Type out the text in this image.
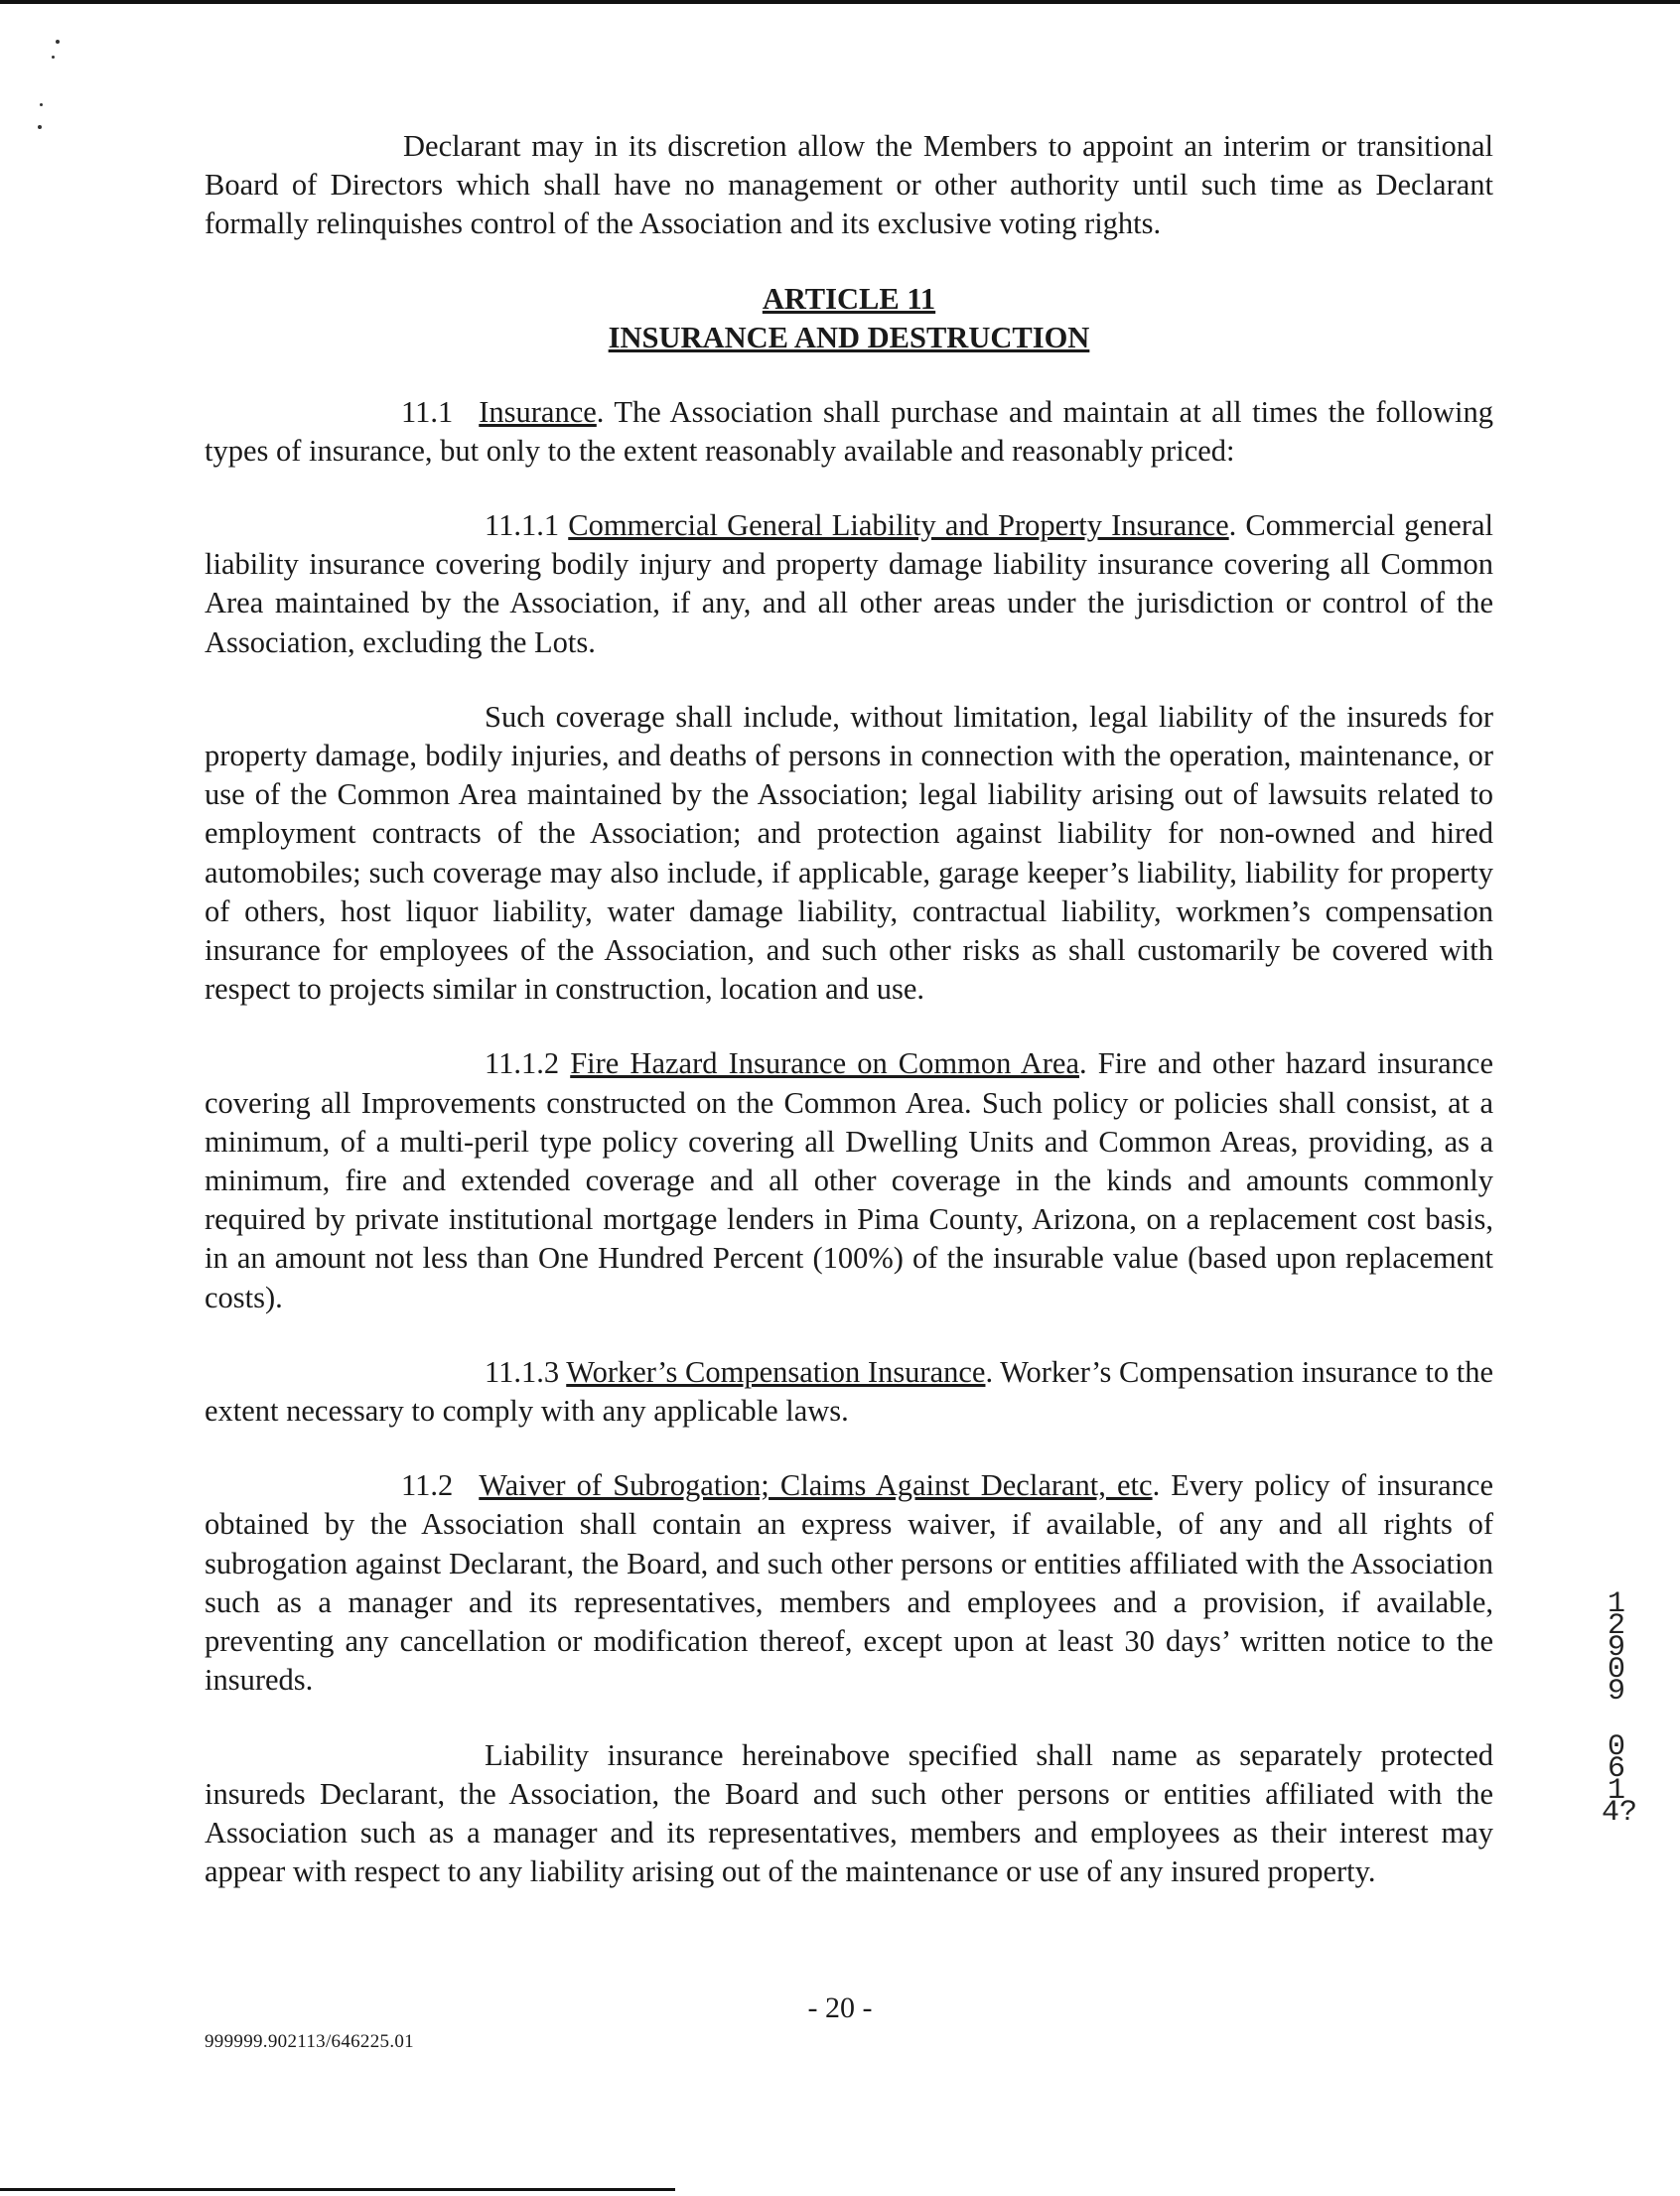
Declarant may in its discretion allow the Members to appoint an interim or transitional Board of Directors which shall have no management or other authority until such time as Declarant formally relinquishes control of the Association and its exclusive voting rights.

ARTICLE 11
INSURANCE AND DESTRUCTION

11.1 Insurance. The Association shall purchase and maintain at all times the following types of insurance, but only to the extent reasonably available and reasonably priced:

11.1.1 Commercial General Liability and Property Insurance. Commercial general liability insurance covering bodily injury and property damage liability insurance covering all Common Area maintained by the Association, if any, and all other areas under the jurisdiction or control of the Association, excluding the Lots.

Such coverage shall include, without limitation, legal liability of the insureds for property damage, bodily injuries, and deaths of persons in connection with the operation, maintenance, or use of the Common Area maintained by the Association; legal liability arising out of lawsuits related to employment contracts of the Association; and protection against liability for non-owned and hired automobiles; such coverage may also include, if applicable, garage keeper’s liability, liability for property of others, host liquor liability, water damage liability, contractual liability, workmen’s compensation insurance for employees of the Association, and such other risks as shall customarily be covered with respect to projects similar in construction, location and use.

11.1.2 Fire Hazard Insurance on Common Area. Fire and other hazard insurance covering all Improvements constructed on the Common Area. Such policy or policies shall consist, at a minimum, of a multi-peril type policy covering all Dwelling Units and Common Areas, providing, as a minimum, fire and extended coverage and all other coverage in the kinds and amounts commonly required by private institutional mortgage lenders in Pima County, Arizona, on a replacement cost basis, in an amount not less than One Hundred Percent (100%) of the insurable value (based upon replacement costs).

11.1.3 Worker’s Compensation Insurance. Worker’s Compensation insurance to the extent necessary to comply with any applicable laws.

11.2 Waiver of Subrogation; Claims Against Declarant, etc. Every policy of insurance obtained by the Association shall contain an express waiver, if available, of any and all rights of subrogation against Declarant, the Board, and such other persons or entities affiliated with the Association such as a manager and its representatives, members and employees and a provision, if available, preventing any cancellation or modification thereof, except upon at least 30 days’ written notice to the insureds.

Liability insurance hereinabove specified shall name as separately protected insureds Declarant, the Association, the Board and such other persons or entities affiliated with the Association such as a manager and its representatives, members and employees as their interest may appear with respect to any liability arising out of the maintenance or use of any insured property.

12909
0614?
- 20 -
999999.902113/646225.01
